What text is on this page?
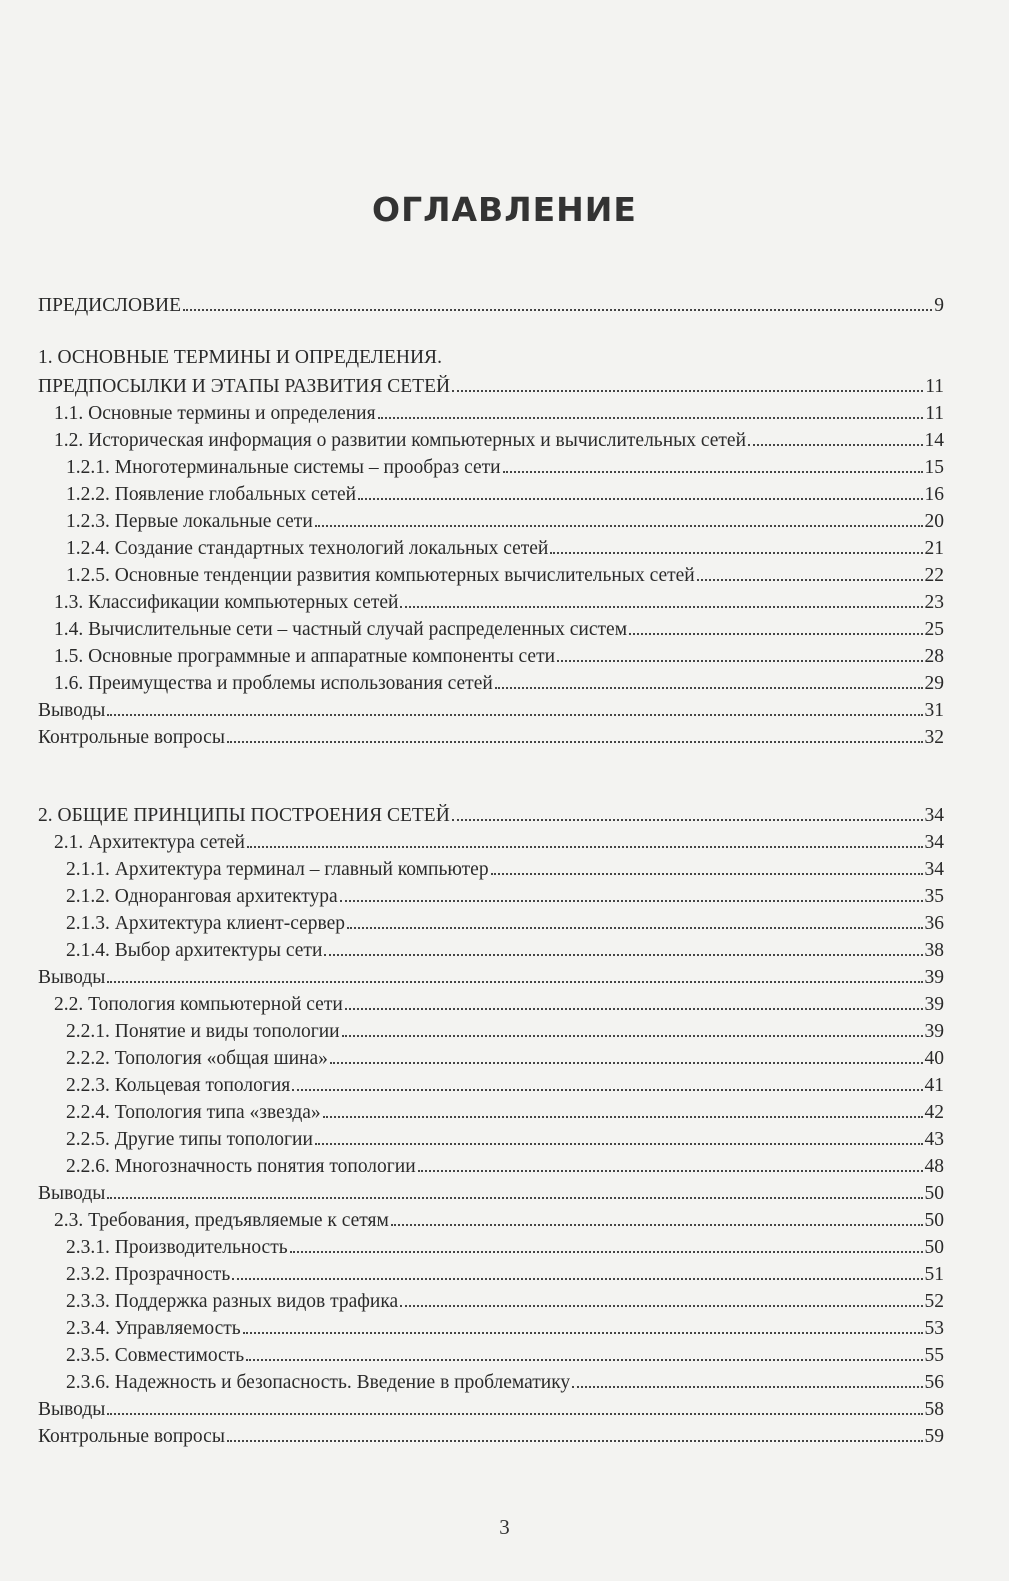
ОГЛАВЛЕНИЕ
ПРЕДИСЛОВИЕ	9
1. ОСНОВНЫЕ ТЕРМИНЫ И ОПРЕДЕЛЕНИЯ.
ПРЕДПОСЫЛКИ И ЭТАПЫ РАЗВИТИЯ СЕТЕЙ	11
1.1. Основные термины и определения	11
1.2. Историческая информация о развитии компьютерных и вычислительных сетей	14
1.2.1. Многотерминальные системы – прообраз сети	15
1.2.2. Появление глобальных сетей	16
1.2.3. Первые локальные сети	20
1.2.4. Создание стандартных технологий локальных сетей	21
1.2.5. Основные тенденции развития компьютерных вычислительных сетей	22
1.3. Классификации компьютерных сетей	23
1.4. Вычислительные сети – частный случай распределенных систем	25
1.5. Основные программные и аппаратные компоненты сети	28
1.6. Преимущества и проблемы использования сетей	29
Выводы	31
Контрольные вопросы	32
2. ОБЩИЕ ПРИНЦИПЫ ПОСТРОЕНИЯ СЕТЕЙ	34
2.1. Архитектура сетей	34
2.1.1. Архитектура терминал – главный компьютер	34
2.1.2. Одноранговая архитектура	35
2.1.3. Архитектура клиент-сервер	36
2.1.4. Выбор архитектуры сети	38
Выводы	39
2.2. Топология компьютерной сети	39
2.2.1. Понятие и виды топологии	39
2.2.2. Топология «общая шина»	40
2.2.3. Кольцевая топология	41
2.2.4. Топология типа «звезда»	42
2.2.5. Другие типы топологии	43
2.2.6. Многозначность понятия топологии	48
Выводы	50
2.3. Требования, предъявляемые к сетям	50
2.3.1. Производительность	50
2.3.2. Прозрачность	51
2.3.3. Поддержка разных видов трафика	52
2.3.4. Управляемость	53
2.3.5. Совместимость	55
2.3.6. Надежность и безопасность. Введение в проблематику	56
Выводы	58
Контрольные вопросы	59
3
